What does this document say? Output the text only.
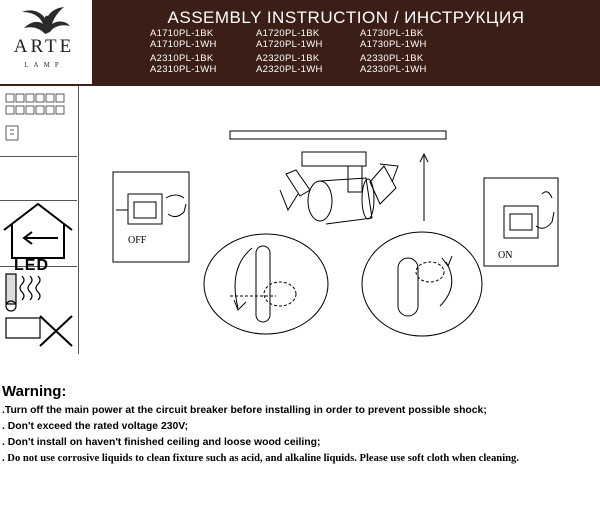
ARTE
LAMP
ASSEMBLY INSTRUCTION / ИНСТРУКЦИЯ
A1710PL-1BK	A1720PL-1BK	A1730PL-1BK
A1710PL-1WH	A1720PL-1WH	A1730PL-1WH
A2310PL-1BK	A2320PL-1BK	A2330PL-1BK
A2310PL-1WH	A2320PL-1WH	A2330PL-1WH
LED
OFF
ON
Warning:
.Turn off the main power at the circuit breaker before installing in order to prevent possible shock;
. Don't exceed the rated voltage 230V;
. Don't install on haven't finished ceiling and loose wood ceiling;
. Do not use corrosive liquids to clean fixture such as acid, and alkaline liquids. Please use soft cloth when cleaning.
